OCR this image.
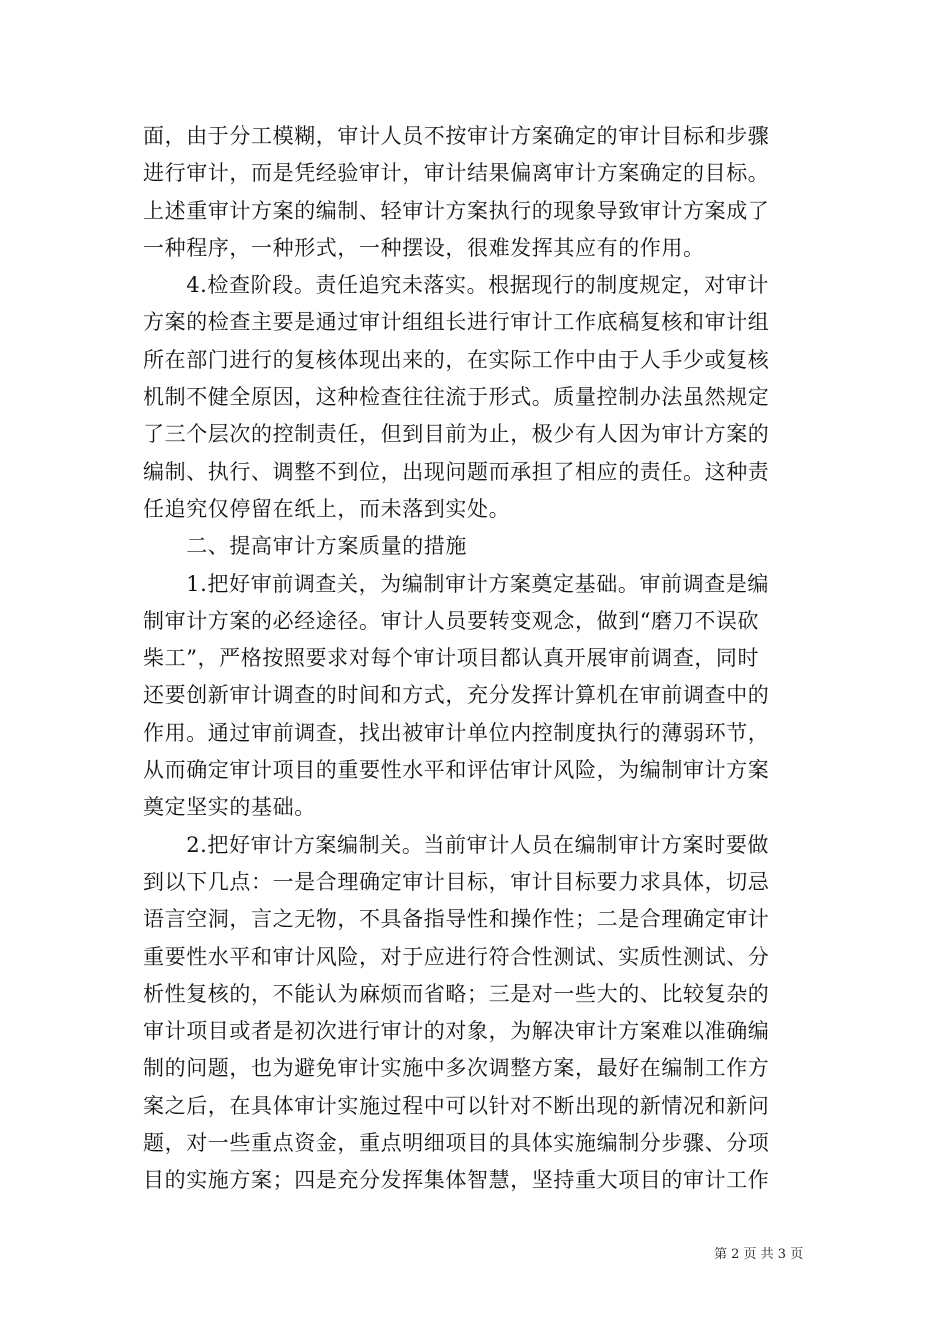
面，由于分工模糊，审计人员不按审计方案确定的审计目标和步骤
进行审计，而是凭经验审计，审计结果偏离审计方案确定的目标。
上述重审计方案的编制、轻审计方案执行的现象导致审计方案成了
一种程序，一种形式，一种摆设，很难发挥其应有的作用。
　　4.检查阶段。责任追究未落实。根据现行的制度规定，对审计
方案的检查主要是通过审计组组长进行审计工作底稿复核和审计组
所在部门进行的复核体现出来的，在实际工作中由于人手少或复核
机制不健全原因，这种检查往往流于形式。质量控制办法虽然规定
了三个层次的控制责任，但到目前为止，极少有人因为审计方案的
编制、执行、调整不到位，出现问题而承担了相应的责任。这种责
任追究仅停留在纸上，而未落到实处。
　　二、提高审计方案质量的措施
　　1.把好审前调查关，为编制审计方案奠定基础。审前调查是编
制审计方案的必经途径。审计人员要转变观念，做到“磨刀不误砍
柴工”，严格按照要求对每个审计项目都认真开展审前调查，同时
还要创新审计调查的时间和方式，充分发挥计算机在审前调查中的
作用。通过审前调查，找出被审计单位内控制度执行的薄弱环节，
从而确定审计项目的重要性水平和评估审计风险，为编制审计方案
奠定坚实的基础。
　　2.把好审计方案编制关。当前审计人员在编制审计方案时要做
到以下几点：一是合理确定审计目标，审计目标要力求具体，切忌
语言空洞，言之无物，不具备指导性和操作性；二是合理确定审计
重要性水平和审计风险，对于应进行符合性测试、实质性测试、分
析性复核的，不能认为麻烦而省略；三是对一些大的、比较复杂的
审计项目或者是初次进行审计的对象，为解决审计方案难以准确编
制的问题，也为避免审计实施中多次调整方案，最好在编制工作方
案之后，在具体审计实施过程中可以针对不断出现的新情况和新问
题，对一些重点资金，重点明细项目的具体实施编制分步骤、分项
目的实施方案；四是充分发挥集体智慧，坚持重大项目的审计工作
第 2 页 共 3 页
